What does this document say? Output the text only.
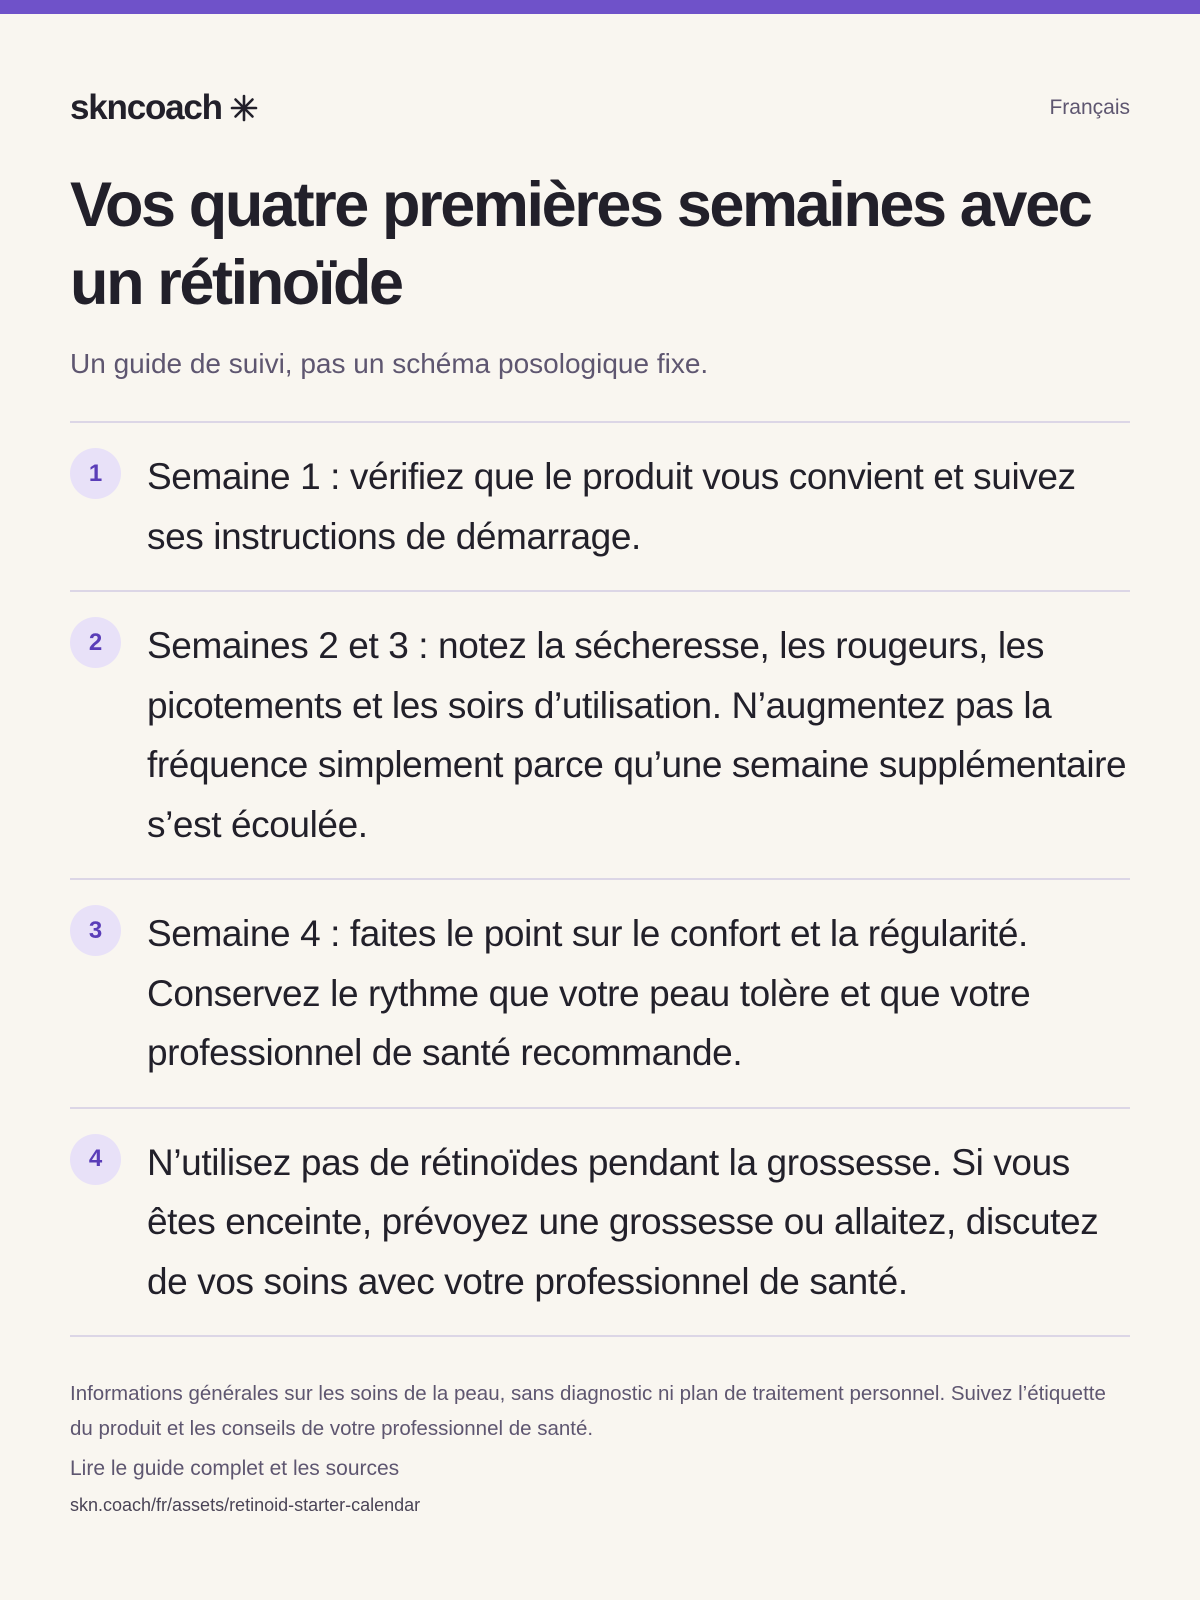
skncoach	Français
Vos quatre premières semaines avec un rétinoïde

Un guide de suivi, pas un schéma posologique fixe.

1	Semaine 1 : vérifiez que le produit vous convient et suivez ses instructions de démarrage.

2	Semaines 2 et 3 : notez la sécheresse, les rougeurs, les picotements et les soirs d’utilisation. N’augmentez pas la fréquence simplement parce qu’une semaine supplémentaire s’est écoulée.

3	Semaine 4 : faites le point sur le confort et la régularité. Conservez le rythme que votre peau tolère et que votre professionnel de santé recommande.

4	N’utilisez pas de rétinoïdes pendant la grossesse. Si vous êtes enceinte, prévoyez une grossesse ou allaitez, discutez de vos soins avec votre professionnel de santé.

Informations générales sur les soins de la peau, sans diagnostic ni plan de traitement personnel. Suivez l’étiquette du produit et les conseils de votre professionnel de santé.

Lire le guide complet et les sources

skn.coach/fr/assets/retinoid-starter-calendar
